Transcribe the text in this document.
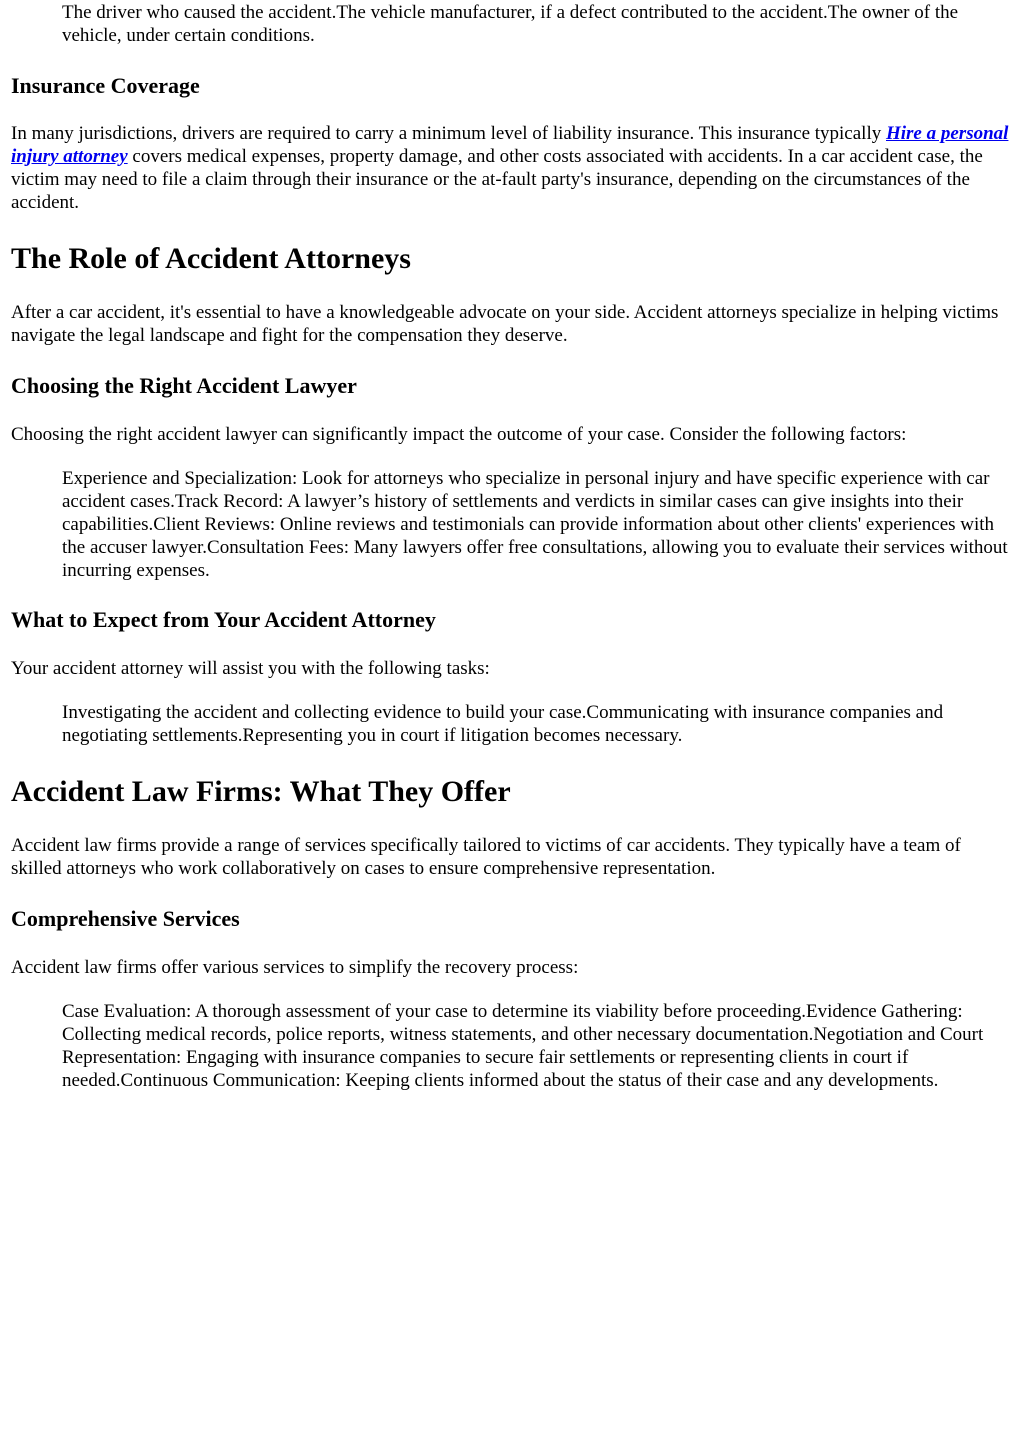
The driver who caused the accident.The vehicle manufacturer, if a defect contributed to the accident.The owner of the vehicle, under certain conditions.

Insurance Coverage

In many jurisdictions, drivers are required to carry a minimum level of liability insurance. This insurance typically Hire a personal injury attorney covers medical expenses, property damage, and other costs associated with accidents. In a car accident case, the victim may need to file a claim through their insurance or the at-fault party's insurance, depending on the circumstances of the accident.

The Role of Accident Attorneys

After a car accident, it's essential to have a knowledgeable advocate on your side. Accident attorneys specialize in helping victims navigate the legal landscape and fight for the compensation they deserve.

Choosing the Right Accident Lawyer

Choosing the right accident lawyer can significantly impact the outcome of your case. Consider the following factors:

Experience and Specialization: Look for attorneys who specialize in personal injury and have specific experience with car accident cases.Track Record: A lawyer’s history of settlements and verdicts in similar cases can give insights into their capabilities.Client Reviews: Online reviews and testimonials can provide information about other clients' experiences with the accuser lawyer.Consultation Fees: Many lawyers offer free consultations, allowing you to evaluate their services without incurring expenses.

What to Expect from Your Accident Attorney

Your accident attorney will assist you with the following tasks:

Investigating the accident and collecting evidence to build your case.Communicating with insurance companies and negotiating settlements.Representing you in court if litigation becomes necessary.

Accident Law Firms: What They Offer

Accident law firms provide a range of services specifically tailored to victims of car accidents. They typically have a team of skilled attorneys who work collaboratively on cases to ensure comprehensive representation.

Comprehensive Services

Accident law firms offer various services to simplify the recovery process:

Case Evaluation: A thorough assessment of your case to determine its viability before proceeding.Evidence Gathering: Collecting medical records, police reports, witness statements, and other necessary documentation.Negotiation and Court Representation: Engaging with insurance companies to secure fair settlements or representing clients in court if needed.Continuous Communication: Keeping clients informed about the status of their case and any developments.
